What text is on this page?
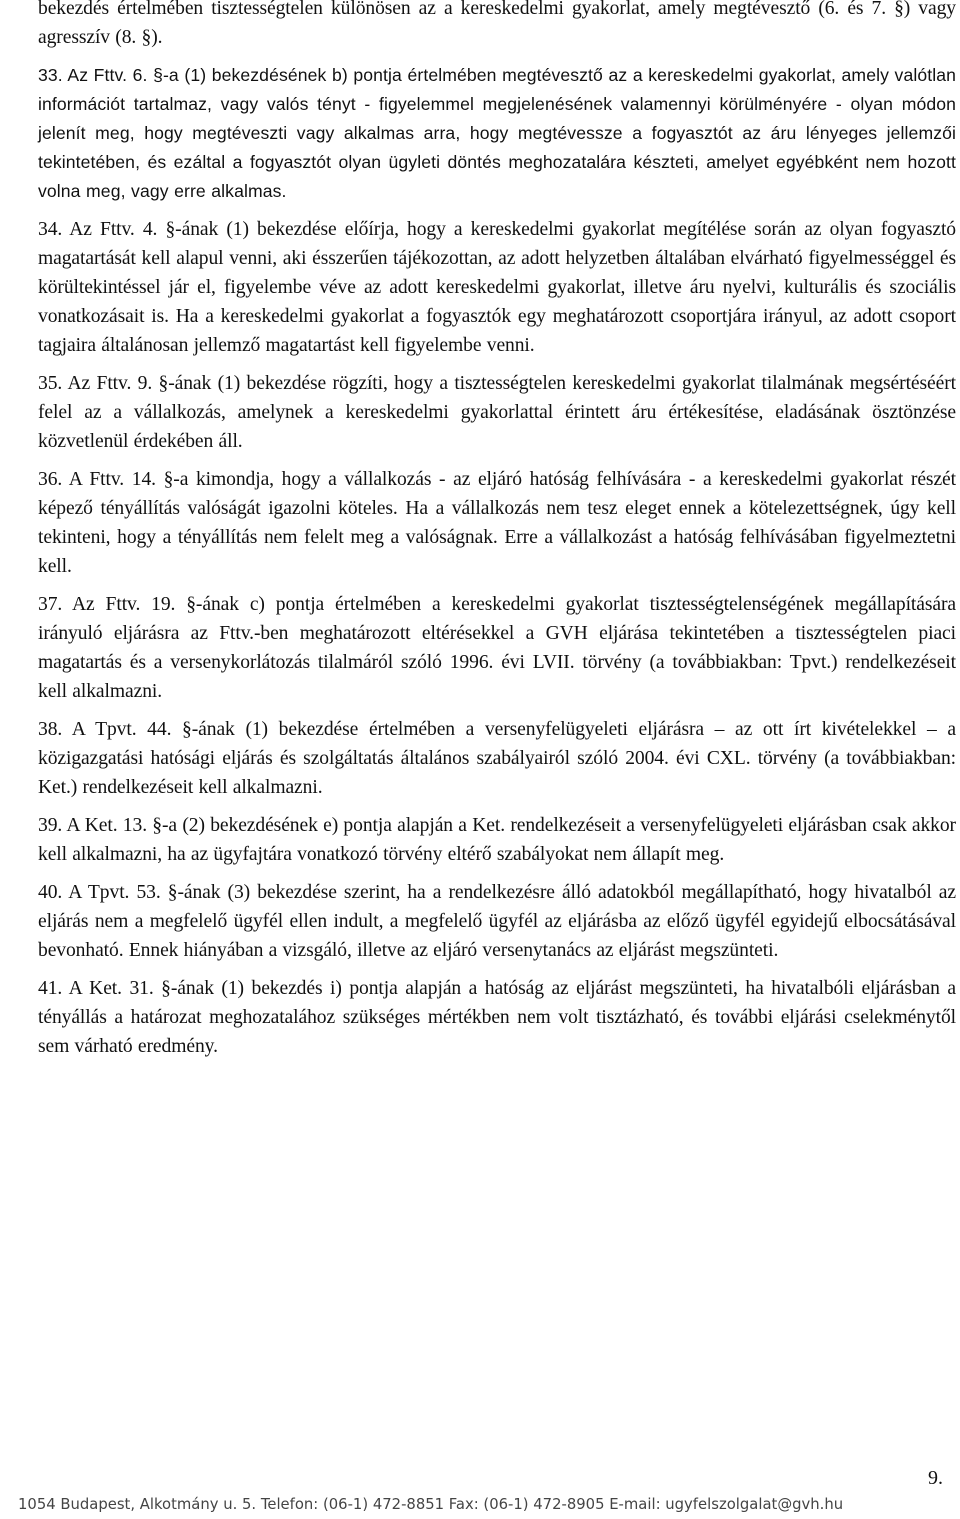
bekezdés értelmében tisztességtelen különösen az a kereskedelmi gyakorlat, amely megtévesztő (6. és 7. §) vagy agresszív (8. §).

33. Az Fttv. 6. §-a (1) bekezdésének b) pontja értelmében megtévesztő az a kereskedelmi gyakorlat, amely valótlan információt tartalmaz, vagy valós tényt - figyelemmel megjelenésének valamennyi körülményére - olyan módon jelenít meg, hogy megtéveszti vagy alkalmas arra, hogy megtévessze a fogyasztót az áru lényeges jellemzői tekintetében, és ezáltal a fogyasztót olyan ügyleti döntés meghozatalára készteti, amelyet egyébként nem hozott volna meg, vagy erre alkalmas.

34. Az Fttv. 4. §-ának (1) bekezdése előírja, hogy a kereskedelmi gyakorlat megítélése során az olyan fogyasztó magatartását kell alapul venni, aki ésszerűen tájékozottan, az adott helyzetben általában elvárható figyelmességgel és körültekintéssel jár el, figyelembe véve az adott kereskedelmi gyakorlat, illetve áru nyelvi, kulturális és szociális vonatkozásait is. Ha a kereskedelmi gyakorlat a fogyasztók egy meghatározott csoportjára irányul, az adott csoport tagjaira általánosan jellemző magatartást kell figyelembe venni.

35. Az Fttv. 9. §-ának (1) bekezdése rögzíti, hogy a tisztességtelen kereskedelmi gyakorlat tilalmának megsértéséért felel az a vállalkozás, amelynek a kereskedelmi gyakorlattal érintett áru értékesítése, eladásának ösztönzése közvetlenül érdekében áll.

36. A Fttv. 14. §-a kimondja, hogy a vállalkozás - az eljáró hatóság felhívására - a kereskedelmi gyakorlat részét képező tényállítás valóságát igazolni köteles. Ha a vállalkozás nem tesz eleget ennek a kötelezettségnek, úgy kell tekinteni, hogy a tényállítás nem felelt meg a valóságnak. Erre a vállalkozást a hatóság felhívásában figyelmeztetni kell.

37. Az Fttv. 19. §-ának c) pontja értelmében a kereskedelmi gyakorlat tisztességtelenségének megállapítására irányuló eljárásra az Fttv.-ben meghatározott eltérésekkel a GVH eljárása tekintetében a tisztességtelen piaci magatartás és a versenykorlátozás tilalmáról szóló 1996. évi LVII. törvény (a továbbiakban: Tpvt.) rendelkezéseit kell alkalmazni.

38. A Tpvt. 44. §-ának (1) bekezdése értelmében a versenyfelügyeleti eljárásra – az ott írt kivételekkel – a közigazgatási hatósági eljárás és szolgáltatás általános szabályairól szóló 2004. évi CXL. törvény (a továbbiakban: Ket.) rendelkezéseit kell alkalmazni.

39. A Ket. 13. §-a (2) bekezdésének e) pontja alapján a Ket. rendelkezéseit a versenyfelügyeleti eljárásban csak akkor kell alkalmazni, ha az ügyfajtára vonatkozó törvény eltérő szabályokat nem állapít meg.

40. A Tpvt. 53. §-ának (3) bekezdése szerint, ha a rendelkezésre álló adatokból megállapítható, hogy hivatalból az eljárás nem a megfelelő ügyfél ellen indult, a megfelelő ügyfél az eljárásba az előző ügyfél egyidejű elbocsátásával bevonható. Ennek hiányában a vizsgáló, illetve az eljáró versenytanács az eljárást megszünteti.

41. A Ket. 31. §-ának (1) bekezdés i) pontja alapján a hatóság az eljárást megszünteti, ha hivatalbóli eljárásban a tényállás a határozat meghozatalához szükséges mértékben nem volt tisztázható, és további eljárási cselekménytől sem várható eredmény.

9.
1054 Budapest, Alkotmány u. 5. Telefon: (06-1) 472-8851 Fax: (06-1) 472-8905 E-mail: ugyfelszolgalat@gvh.hu
